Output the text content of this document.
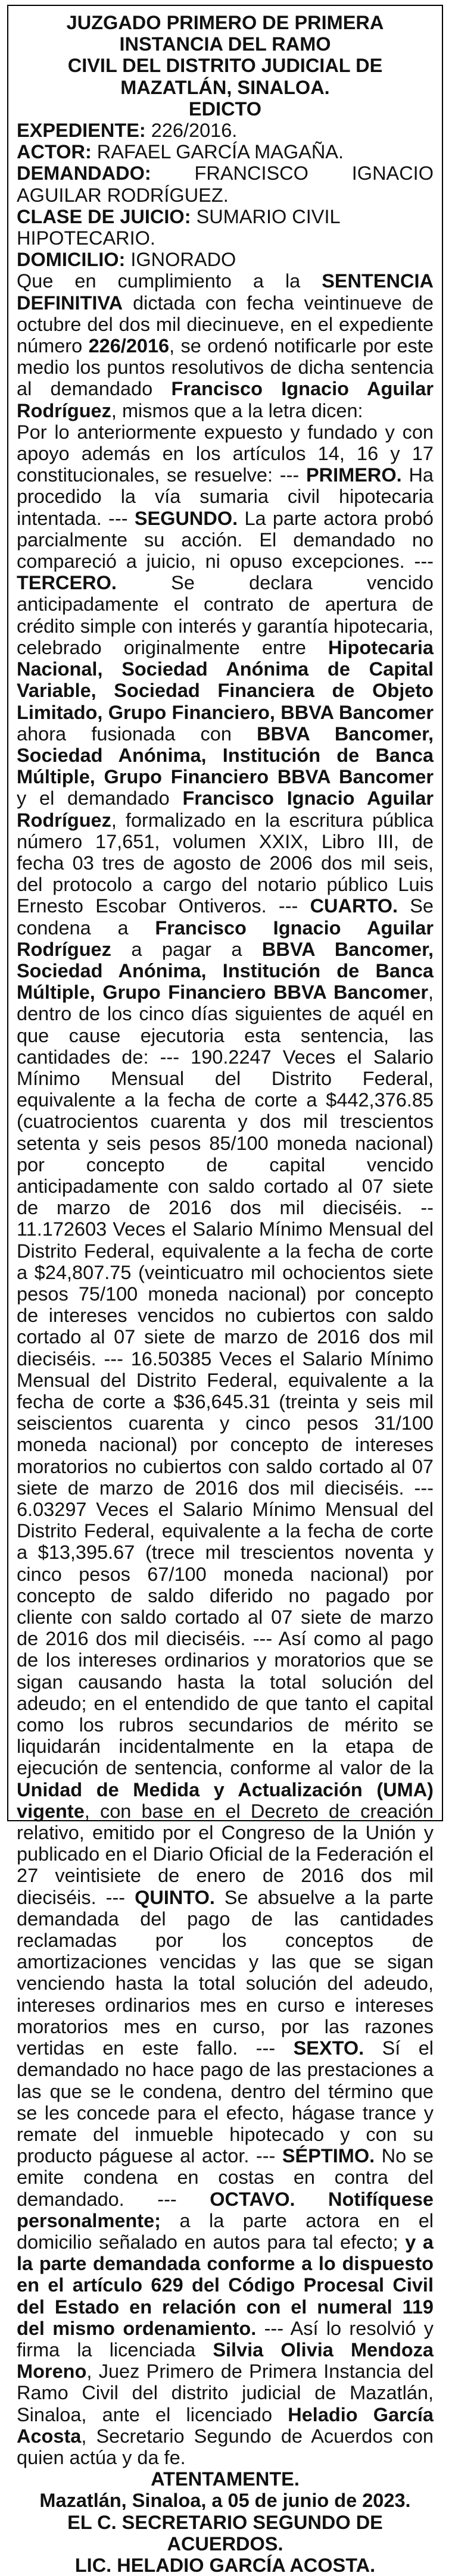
JUZGADO PRIMERO DE PRIMERA INSTANCIA DEL RAMO

CIVIL DEL DISTRITO JUDICIAL DE MAZATLÁN, SINALOA.

EDICTO

EXPEDIENTE: 226/2016.

ACTOR: RAFAEL GARCÍA MAGAÑA.

DEMANDADO: FRANCISCO IGNACIO AGUILAR RODRÍGUEZ.

CLASE DE JUICIO: SUMARIO CIVIL HIPOTECARIO.

DOMICILIO: IGNORADO

Que en cumplimiento a la SENTENCIA DEFINITIVA dictada con fecha veintinueve de octubre del dos mil diecinueve, en el expediente número 226/2016, se ordenó notificarle por este medio los puntos resolutivos de dicha sentencia al demandado Francisco Ignacio Aguilar Rodríguez, mismos que a la letra dicen:

Por lo anteriormente expuesto y fundado y con apoyo además en los artículos 14, 16 y 17 constitucionales, se resuelve: --- PRIMERO. Ha procedido la vía sumaria civil hipotecaria intentada. --- SEGUNDO. La parte actora probó parcialmente su acción. El demandado no compareció a juicio, ni opuso excepciones. --- TERCERO. Se declara vencido anticipadamente el contrato de apertura de crédito simple con interés y garantía hipotecaria, celebrado originalmente entre Hipotecaria Nacional, Sociedad Anónima de Capital Variable, Sociedad Financiera de Objeto Limitado, Grupo Financiero, BBVA Bancomer ahora fusionada con BBVA Bancomer, Sociedad Anónima, Institución de Banca Múltiple, Grupo Financiero BBVA Bancomer y el demandado Francisco Ignacio Aguilar Rodríguez, formalizado en la escritura pública número 17,651, volumen XXIX, Libro III, de fecha 03 tres de agosto de 2006 dos mil seis, del protocolo a cargo del notario público Luis Ernesto Escobar Ontiveros. --- CUARTO. Se condena a Francisco Ignacio Aguilar Rodríguez a pagar a BBVA Bancomer, Sociedad Anónima, Institución de Banca Múltiple, Grupo Financiero BBVA Bancomer, dentro de los cinco días siguientes de aquél en que cause ejecutoria esta sentencia, las cantidades de: --- 190.2247 Veces el Salario Mínimo Mensual del Distrito Federal, equivalente a la fecha de corte a $442,376.85 (cuatrocientos cuarenta y dos mil trescientos setenta y seis pesos 85/100 moneda nacional) por concepto de capital vencido anticipadamente con saldo cortado al 07 siete de marzo de 2016 dos mil dieciséis. -- 11.172603 Veces el Salario Mínimo Mensual del Distrito Federal, equivalente a la fecha de corte a $24,807.75 (veinticuatro mil ochocientos siete pesos 75/100 moneda nacional) por concepto de intereses vencidos no cubiertos con saldo cortado al 07 siete de marzo de 2016 dos mil dieciséis. --- 16.50385 Veces el Salario Mínimo Mensual del Distrito Federal, equivalente a la fecha de corte a $36,645.31 (treinta y seis mil seiscientos cuarenta y cinco pesos 31/100 moneda nacional) por concepto de intereses moratorios no cubiertos con saldo cortado al 07 siete de marzo de 2016 dos mil dieciséis. --- 6.03297 Veces el Salario Mínimo Mensual del Distrito Federal, equivalente a la fecha de corte a $13,395.67 (trece mil trescientos noventa y cinco pesos 67/100 moneda nacional) por concepto de saldo diferido no pagado por cliente con saldo cortado al 07 siete de marzo de 2016 dos mil dieciséis. --- Así como al pago de los intereses ordinarios y moratorios que se sigan causando hasta la total solución del adeudo; en el entendido de que tanto el capital como los rubros secundarios de mérito se liquidarán incidentalmente en la etapa de ejecución de sentencia, conforme al valor de la Unidad de Medida y Actualización (UMA) vigente, con base en el Decreto de creación relativo, emitido por el Congreso de la Unión y publicado en el Diario Oficial de la Federación el 27 veintisiete de enero de 2016 dos mil dieciséis. --- QUINTO. Se absuelve a la parte demandada del pago de las cantidades reclamadas por los conceptos de amortizaciones vencidas y las que se sigan venciendo hasta la total solución del adeudo, intereses ordinarios mes en curso e intereses moratorios mes en curso, por las razones vertidas en este fallo. --- SEXTO. Sí el demandado no hace pago de las prestaciones a las que se le condena, dentro del término que se les concede para el efecto, hágase trance y remate del inmueble hipotecado y con su producto páguese al actor. --- SÉPTIMO. No se emite condena en costas en contra del demandado. --- OCTAVO. Notifíquese personalmente; a la parte actora en el domicilio señalado en autos para tal efecto; y a la parte demandada conforme a lo dispuesto en el artículo 629 del Código Procesal Civil del Estado en relación con el numeral 119 del mismo ordenamiento. --- Así lo resolvió y firma la licenciada Silvia Olivia Mendoza Moreno, Juez Primero de Primera Instancia del Ramo Civil del distrito judicial de Mazatlán, Sinaloa, ante el licenciado Heladio García Acosta, Secretario Segundo de Acuerdos con quien actúa y da fe.

ATENTAMENTE.

Mazatlán, Sinaloa, a 05 de junio de 2023.

EL C. SECRETARIO SEGUNDO DE ACUERDOS.

LIC. HELADIO GARCÍA ACOSTA.
